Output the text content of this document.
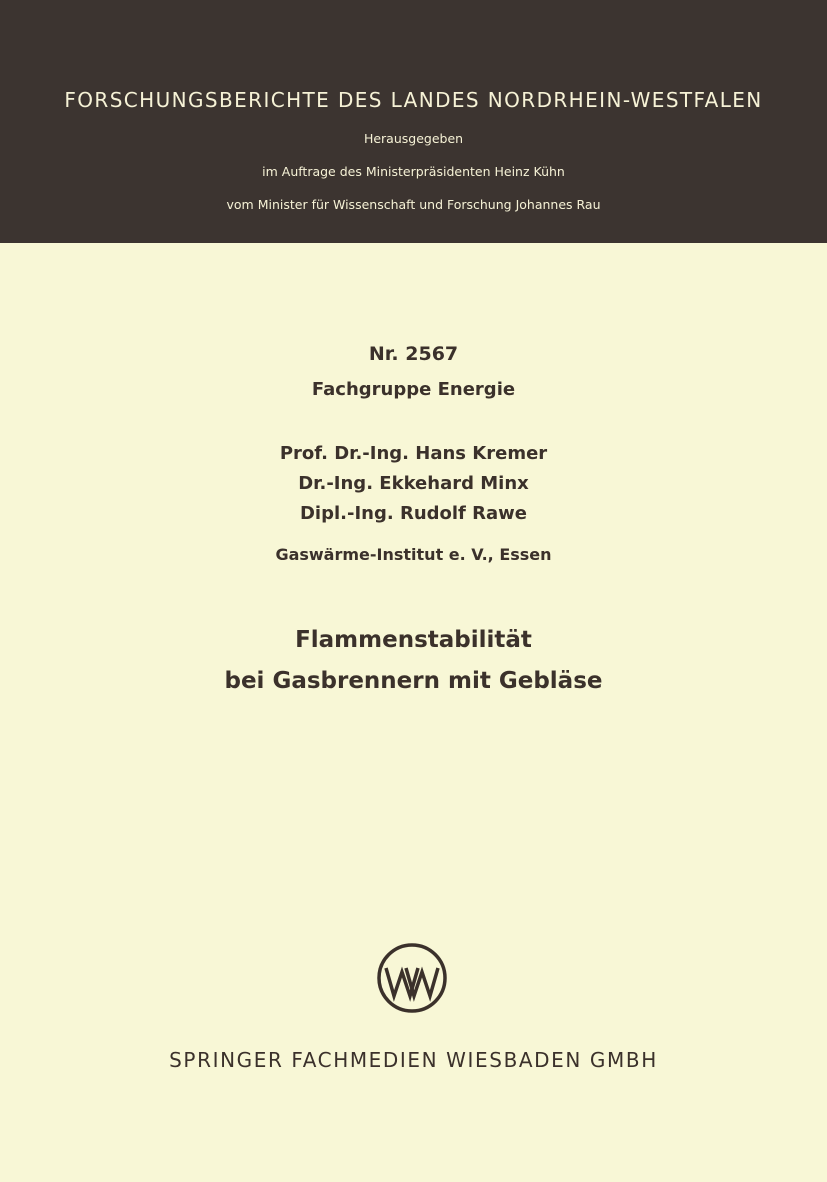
FORSCHUNGSBERICHTE DES LANDES NORDRHEIN-WESTFALEN
Herausgegeben
im Auftrage des Ministerpräsidenten Heinz Kühn
vom Minister für Wissenschaft und Forschung Johannes Rau
Nr. 2567
Fachgruppe Energie
Prof. Dr.-Ing. Hans Kremer
Dr.-Ing. Ekkehard Minx
Dipl.-Ing. Rudolf Rawe
Gaswärme-Institut e. V., Essen
Flammenstabilität
bei Gasbrennern mit Gebläse
SPRINGER FACHMEDIEN WIESBADEN GMBH
